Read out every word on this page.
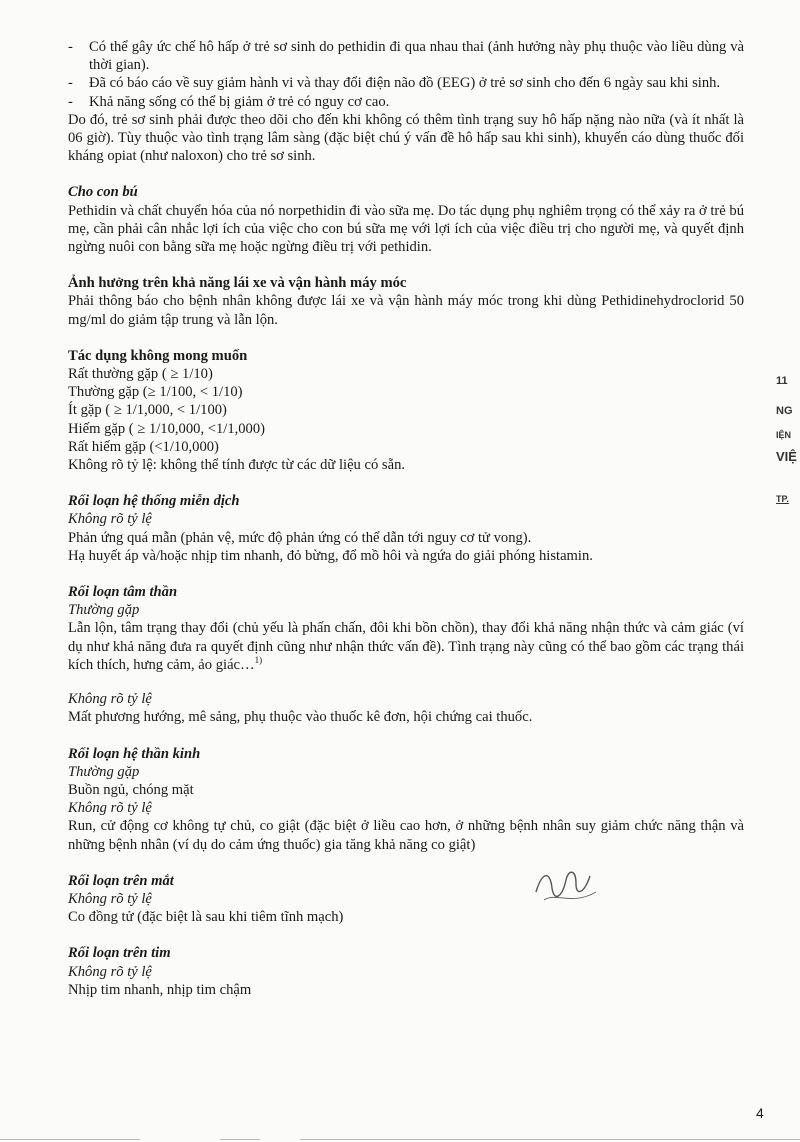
- Có thể gây ức chế hô hấp ở trẻ sơ sinh do pethidin đi qua nhau thai (ảnh hưởng này phụ thuộc vào liều dùng và thời gian).
- Đã có báo cáo về suy giảm hành vi và thay đổi điện não đồ (EEG) ở trẻ sơ sinh cho đến 6 ngày sau khi sinh.
- Khả năng sống có thể bị giảm ở trẻ có nguy cơ cao.

Do đó, trẻ sơ sinh phải được theo dõi cho đến khi không có thêm tình trạng suy hô hấp nặng nào nữa (và ít nhất là 06 giờ). Tùy thuộc vào tình trạng lâm sàng (đặc biệt chú ý vấn đề hô hấp sau khi sinh), khuyến cáo dùng thuốc đối kháng opiat (như naloxon) cho trẻ sơ sinh.

Cho con bú

Pethidin và chất chuyển hóa của nó norpethidin đi vào sữa mẹ. Do tác dụng phụ nghiêm trọng có thể xảy ra ở trẻ bú mẹ, cần phải cân nhắc lợi ích của việc cho con bú sữa mẹ với lợi ích của việc điều trị cho người mẹ, và quyết định ngừng nuôi con bằng sữa mẹ hoặc ngừng điều trị với pethidin.

Ảnh hưởng trên khả năng lái xe và vận hành máy móc

Phải thông báo cho bệnh nhân không được lái xe và vận hành máy móc trong khi dùng Pethidinehydroclorid 50 mg/ml do giảm tập trung và lẫn lộn.

Tác dụng không mong muốn
Rất thường gặp ( ≥ 1/10)
Thường gặp (≥ 1/100, < 1/10)
Ít gặp ( ≥ 1/1,000, < 1/100)
Hiếm gặp ( ≥ 1/10,000, <1/1,000)
Rất hiếm gặp (<1/10,000)
Không rõ tỷ lệ: không thể tính được từ các dữ liệu có sẵn.
Rối loạn hệ thống miễn dịch
Không rõ tỷ lệ
Phản ứng quá mẫn (phản vệ, mức độ phản ứng có thể dẫn tới nguy cơ tử vong).
Hạ huyết áp và/hoặc nhịp tim nhanh, đỏ bừng, đổ mồ hôi và ngứa do giải phóng histamin.
Rối loạn tâm thần
Thường gặp

Lẫn lộn, tâm trạng thay đổi (chủ yếu là phấn chấn, đôi khi bồn chồn), thay đổi khả năng nhận thức và cảm giác (ví dụ như khả năng đưa ra quyết định cũng như nhận thức vấn đề). Tình trạng này cũng có thể bao gồm các trạng thái kích thích, hưng cảm, ảo giác…$^{1)}$

Không rõ tỷ lệ
Mất phương hướng, mê sảng, phụ thuộc vào thuốc kê đơn, hội chứng cai thuốc.
Rối loạn hệ thần kinh
Thường gặp
Buồn ngủ, chóng mặt
Không rõ tỷ lệ

Run, cử động cơ không tự chủ, co giật (đặc biệt ở liều cao hơn, ở những bệnh nhân suy giảm chức năng thận và những bệnh nhân (ví dụ do cảm ứng thuốc) gia tăng khả năng co giật)

Rối loạn trên mắt
Không rõ tỷ lệ
Co đồng tử (đặc biệt là sau khi tiêm tĩnh mạch)
Rối loạn trên tim
Không rõ tỷ lệ
Nhịp tim nhanh, nhịp tim chậm
11
NG
IỆN
VIỆ
TP.
4
